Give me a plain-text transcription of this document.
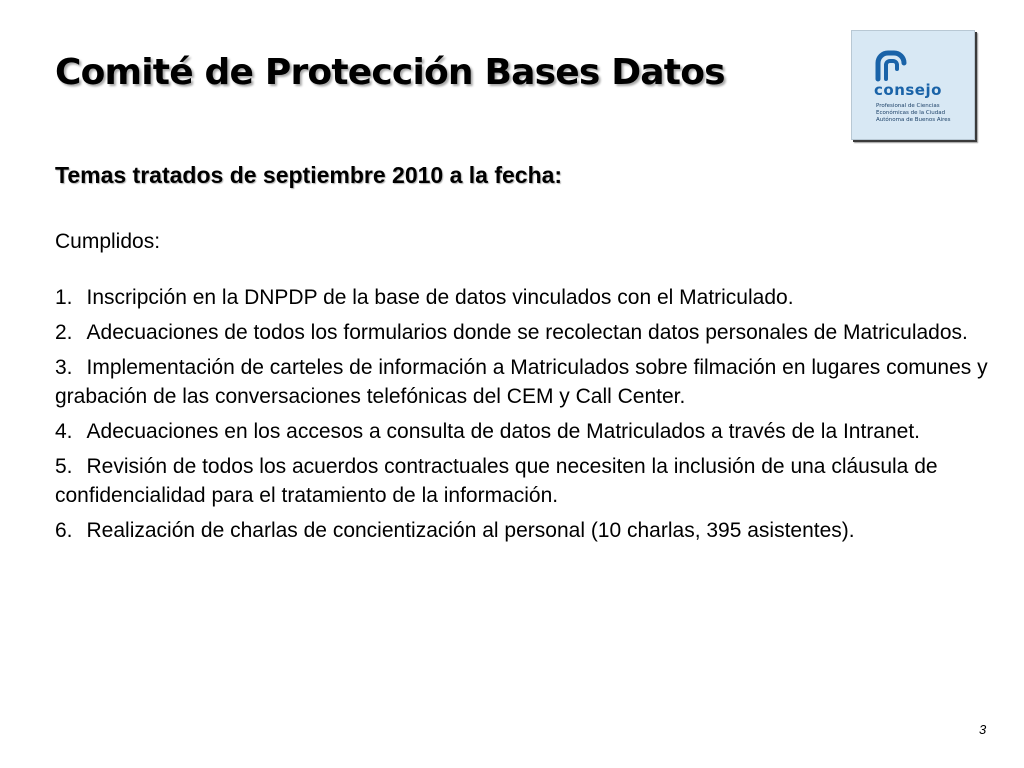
Comité de Protección Bases Datos	consejo
Profesional de Ciencias
Económicas de la Ciudad
Autónoma de Buenos Aires
Temas tratados de septiembre 2010 a la fecha:
Cumplidos:
1. Inscripción en la DNPDP de la base de datos vinculados con el Matriculado.
2. Adecuaciones de todos los formularios donde se recolectan datos personales de Matriculados.
3. Implementación de carteles de información a Matriculados sobre filmación en lugares comunes y grabación de las conversaciones telefónicas del CEM y Call Center.
4. Adecuaciones en los accesos a consulta de datos de Matriculados a través de la Intranet.
5. Revisión de todos los acuerdos contractuales que necesiten la inclusión de una cláusula de confidencialidad para el tratamiento de la información.
6. Realización de charlas de concientización al personal (10 charlas, 395 asistentes).
3
